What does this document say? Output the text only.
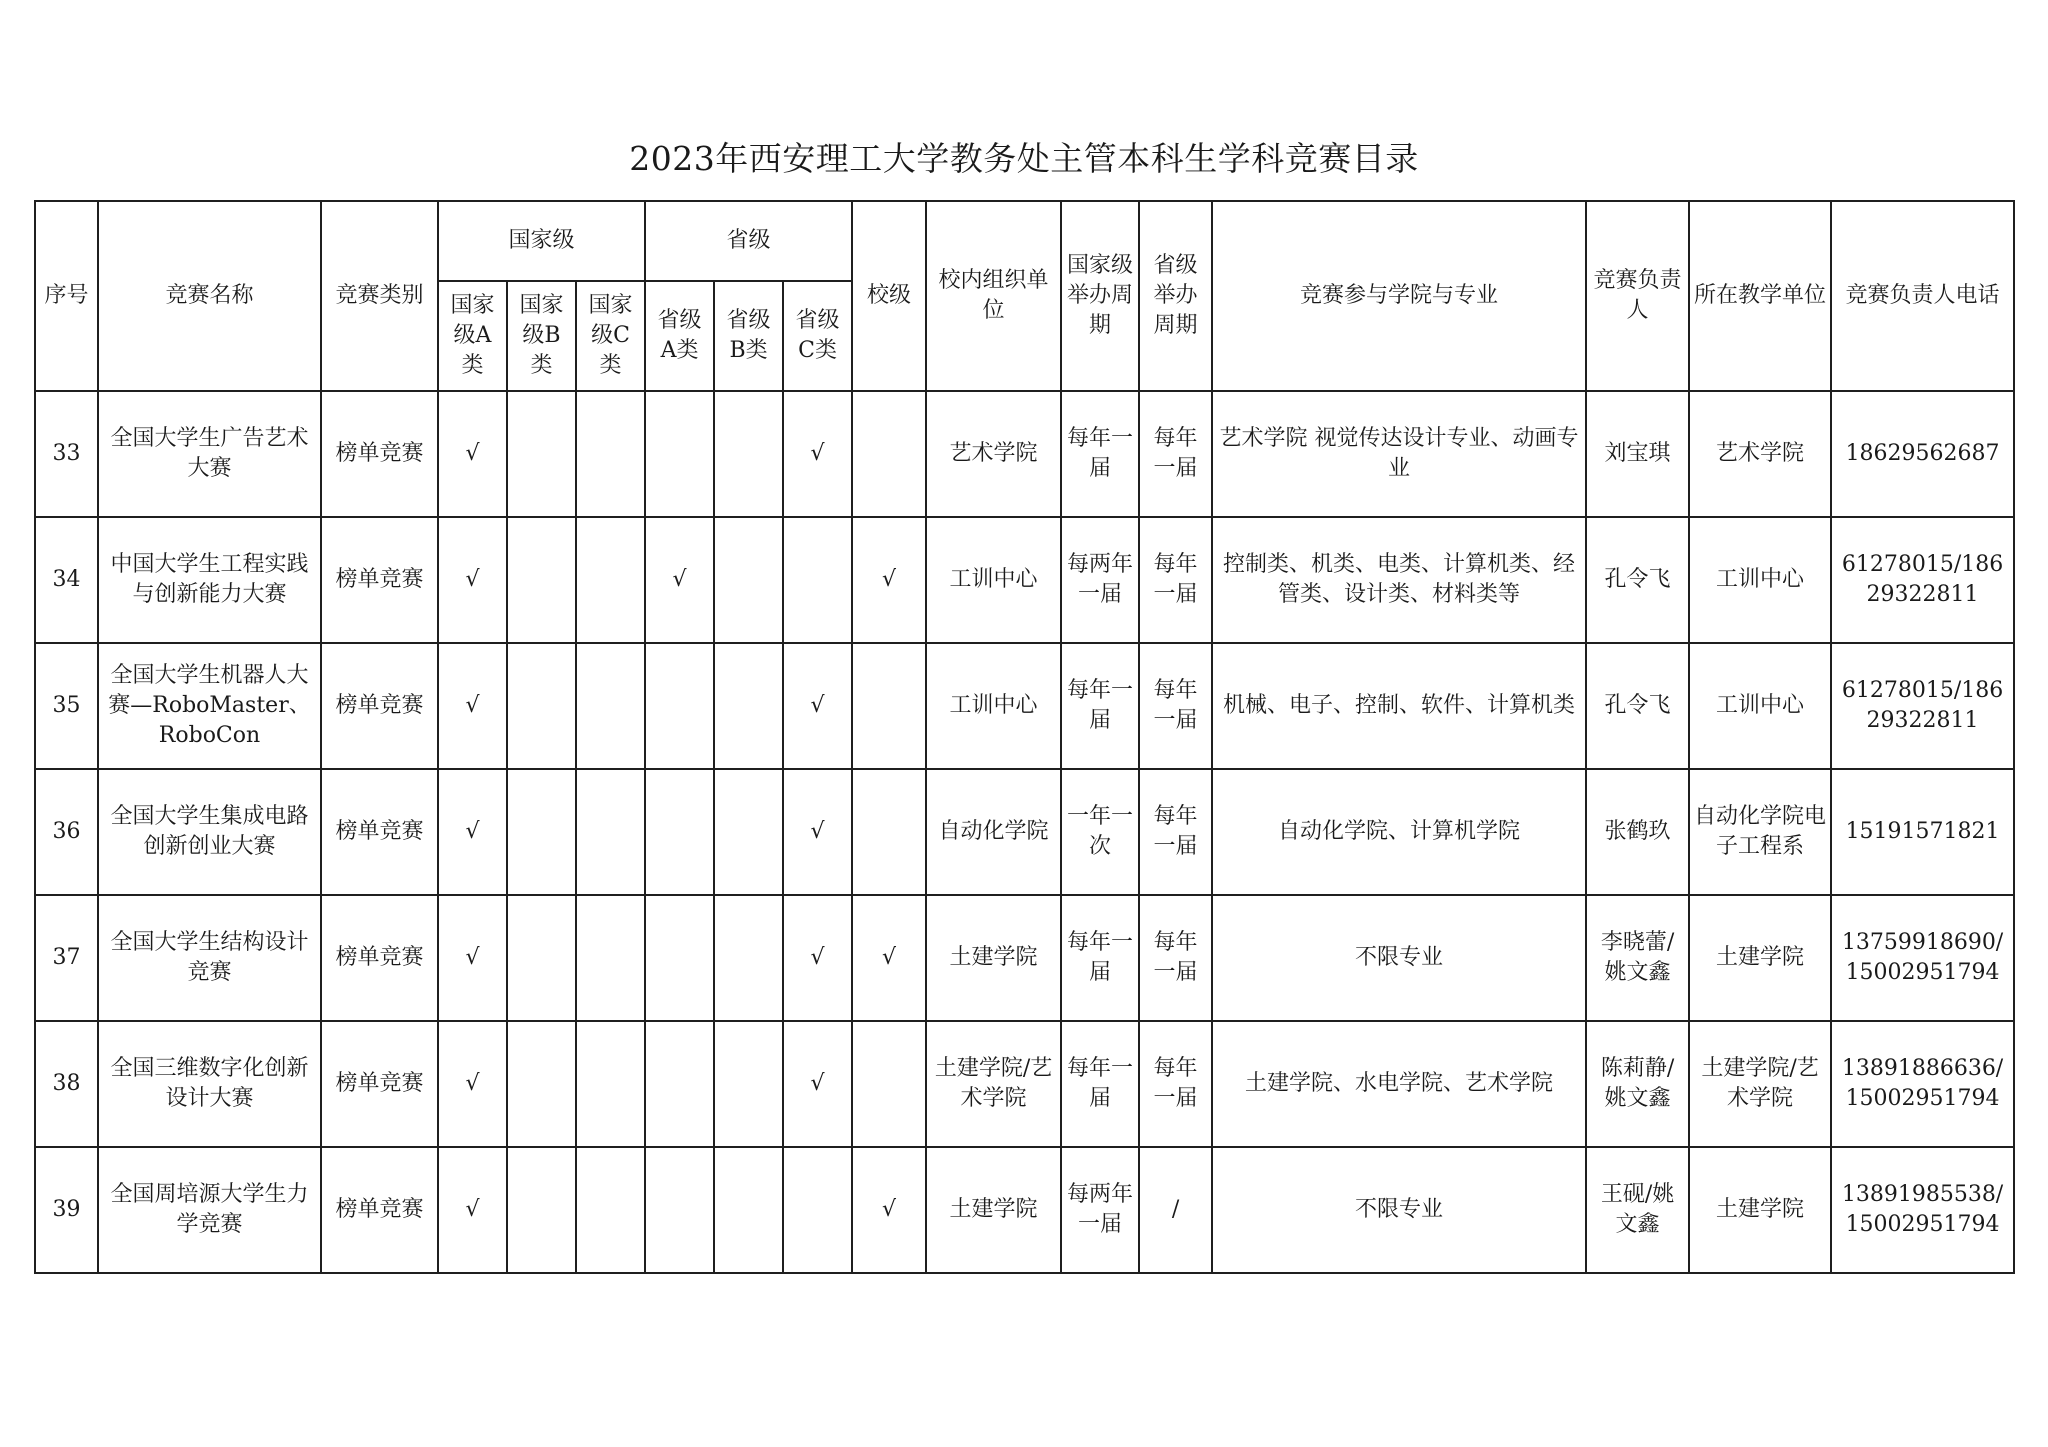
2023年西安理工大学教务处主管本科生学科竞赛目录
序号	竞赛名称	竞赛类别	国家级			省级			校级	校内组织单位	国家级举办周期	省级举办周期	竞赛参与学院与专业	竞赛负责人	所在教学单位	竞赛负责人电话
			国家级A类	国家级B类	国家级C类	省级A类	省级B类	省级C类								
33	全国大学生广告艺术大赛	榜单竞赛	√					√		艺术学院	每年一届	每年一届	艺术学院 视觉传达设计专业、动画专业	刘宝琪	艺术学院	18629562687
34	中国大学生工程实践与创新能力大赛	榜单竞赛	√			√			√	工训中心	每两年一届	每年一届	控制类、机类、电类、计算机类、经管类、设计类、材料类等	孔令飞	工训中心	61278015/18629322811
35	全国大学生机器人大赛—RoboMaster、RoboCon	榜单竞赛	√					√		工训中心	每年一届	每年一届	机械、电子、控制、软件、计算机类	孔令飞	工训中心	61278015/18629322811
36	全国大学生集成电路创新创业大赛	榜单竞赛	√					√		自动化学院	一年一次	每年一届	自动化学院、计算机学院	张鹤玖	自动化学院电子工程系	15191571821
37	全国大学生结构设计竞赛	榜单竞赛	√					√	√	土建学院	每年一届	每年一届	不限专业	李晓蕾/姚文鑫	土建学院	13759918690/15002951794
38	全国三维数字化创新设计大赛	榜单竞赛	√					√		土建学院/艺术学院	每年一届	每年一届	土建学院、水电学院、艺术学院	陈莉静/姚文鑫	土建学院/艺术学院	13891886636/15002951794
39	全国周培源大学生力学竞赛	榜单竞赛	√						√	土建学院	每两年一届	/	不限专业	王砚/姚文鑫	土建学院	13891985538/15002951794
